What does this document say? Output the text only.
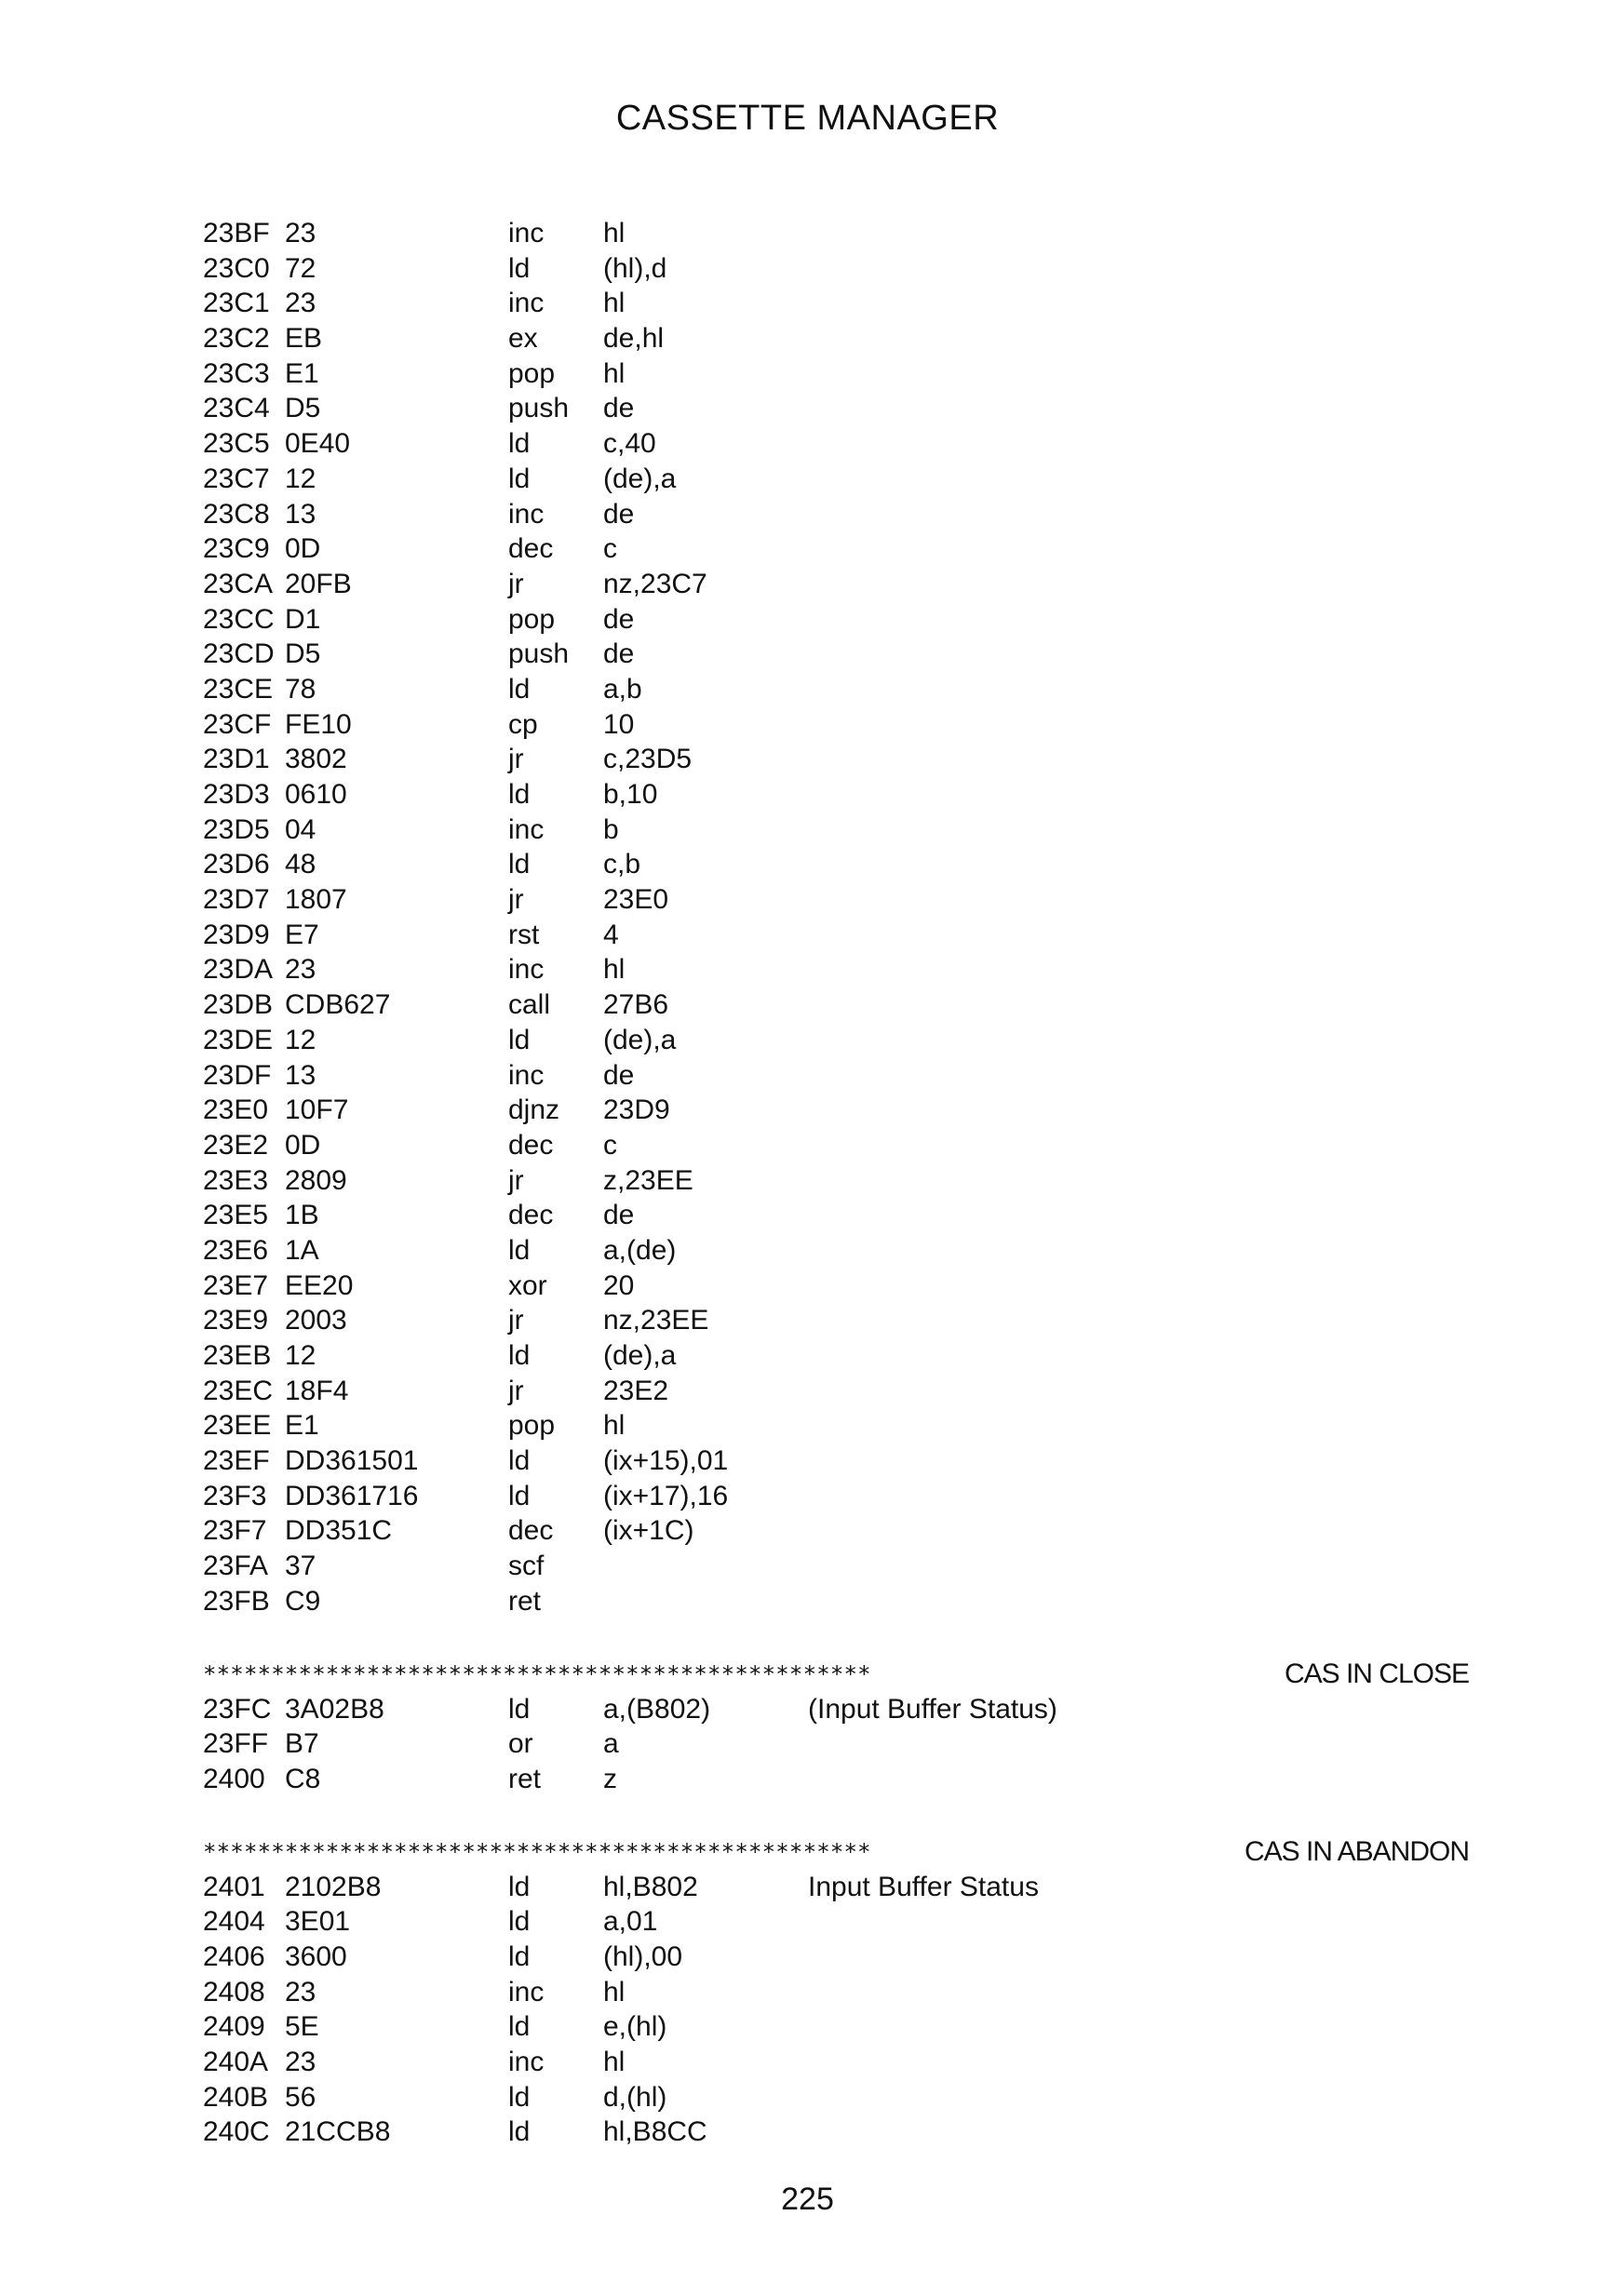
CASSETTE MANAGER
23BF 23	inc	hl
23C0 72	ld	(hl),d
23C1 23	inc	hl
23C2 EB	ex	de,hl
23C3 E1	pop	hl
23C4 D5	push	de
23C5 0E40	ld	c,40
23C7 12	ld	(de),a
23C8 13	inc	de
23C9 0D	dec	c
23CA 20FB	jr	nz,23C7
23CC D1	pop	de
23CD D5	push	de
23CE 78	ld	a,b
23CF FE10	cp	10
23D1 3802	jr	c,23D5
23D3 0610	ld	b,10
23D5 04	inc	b
23D6 48	ld	c,b
23D7 1807	jr	23E0
23D9 E7	rst	4
23DA 23	inc	hl
23DB CDB627	call	27B6
23DE 12	ld	(de),a
23DF 13	inc	de
23E0 10F7	djnz	23D9
23E2 0D	dec	c
23E3 2809	jr	z,23EE
23E5 1B	dec	de
23E6 1A	ld	a,(de)
23E7 EE20	xor	20
23E9 2003	jr	nz,23EE
23EB 12	ld	(de),a
23EC 18F4	jr	23E2
23EE E1	pop	hl
23EF DD361501	ld	(ix+15),01
23F3 DD361716	ld	(ix+17),16
23F7 DD351C	dec	(ix+1C)
23FA 37	scf
23FB C9	ret
*************************************************	CAS IN CLOSE
23FC 3A02B8	ld	a,(B802)	(Input Buffer Status)
23FF B7	or	a
2400 C8	ret	z
*************************************************	CAS IN ABANDON
2401 2102B8	ld	hl,B802	Input Buffer Status
2404 3E01	ld	a,01
2406 3600	ld	(hl),00
2408 23	inc	hl
2409 5E	ld	e,(hl)
240A 23	inc	hl
240B 56	ld	d,(hl)
240C 21CCB8	ld	hl,B8CC
225
